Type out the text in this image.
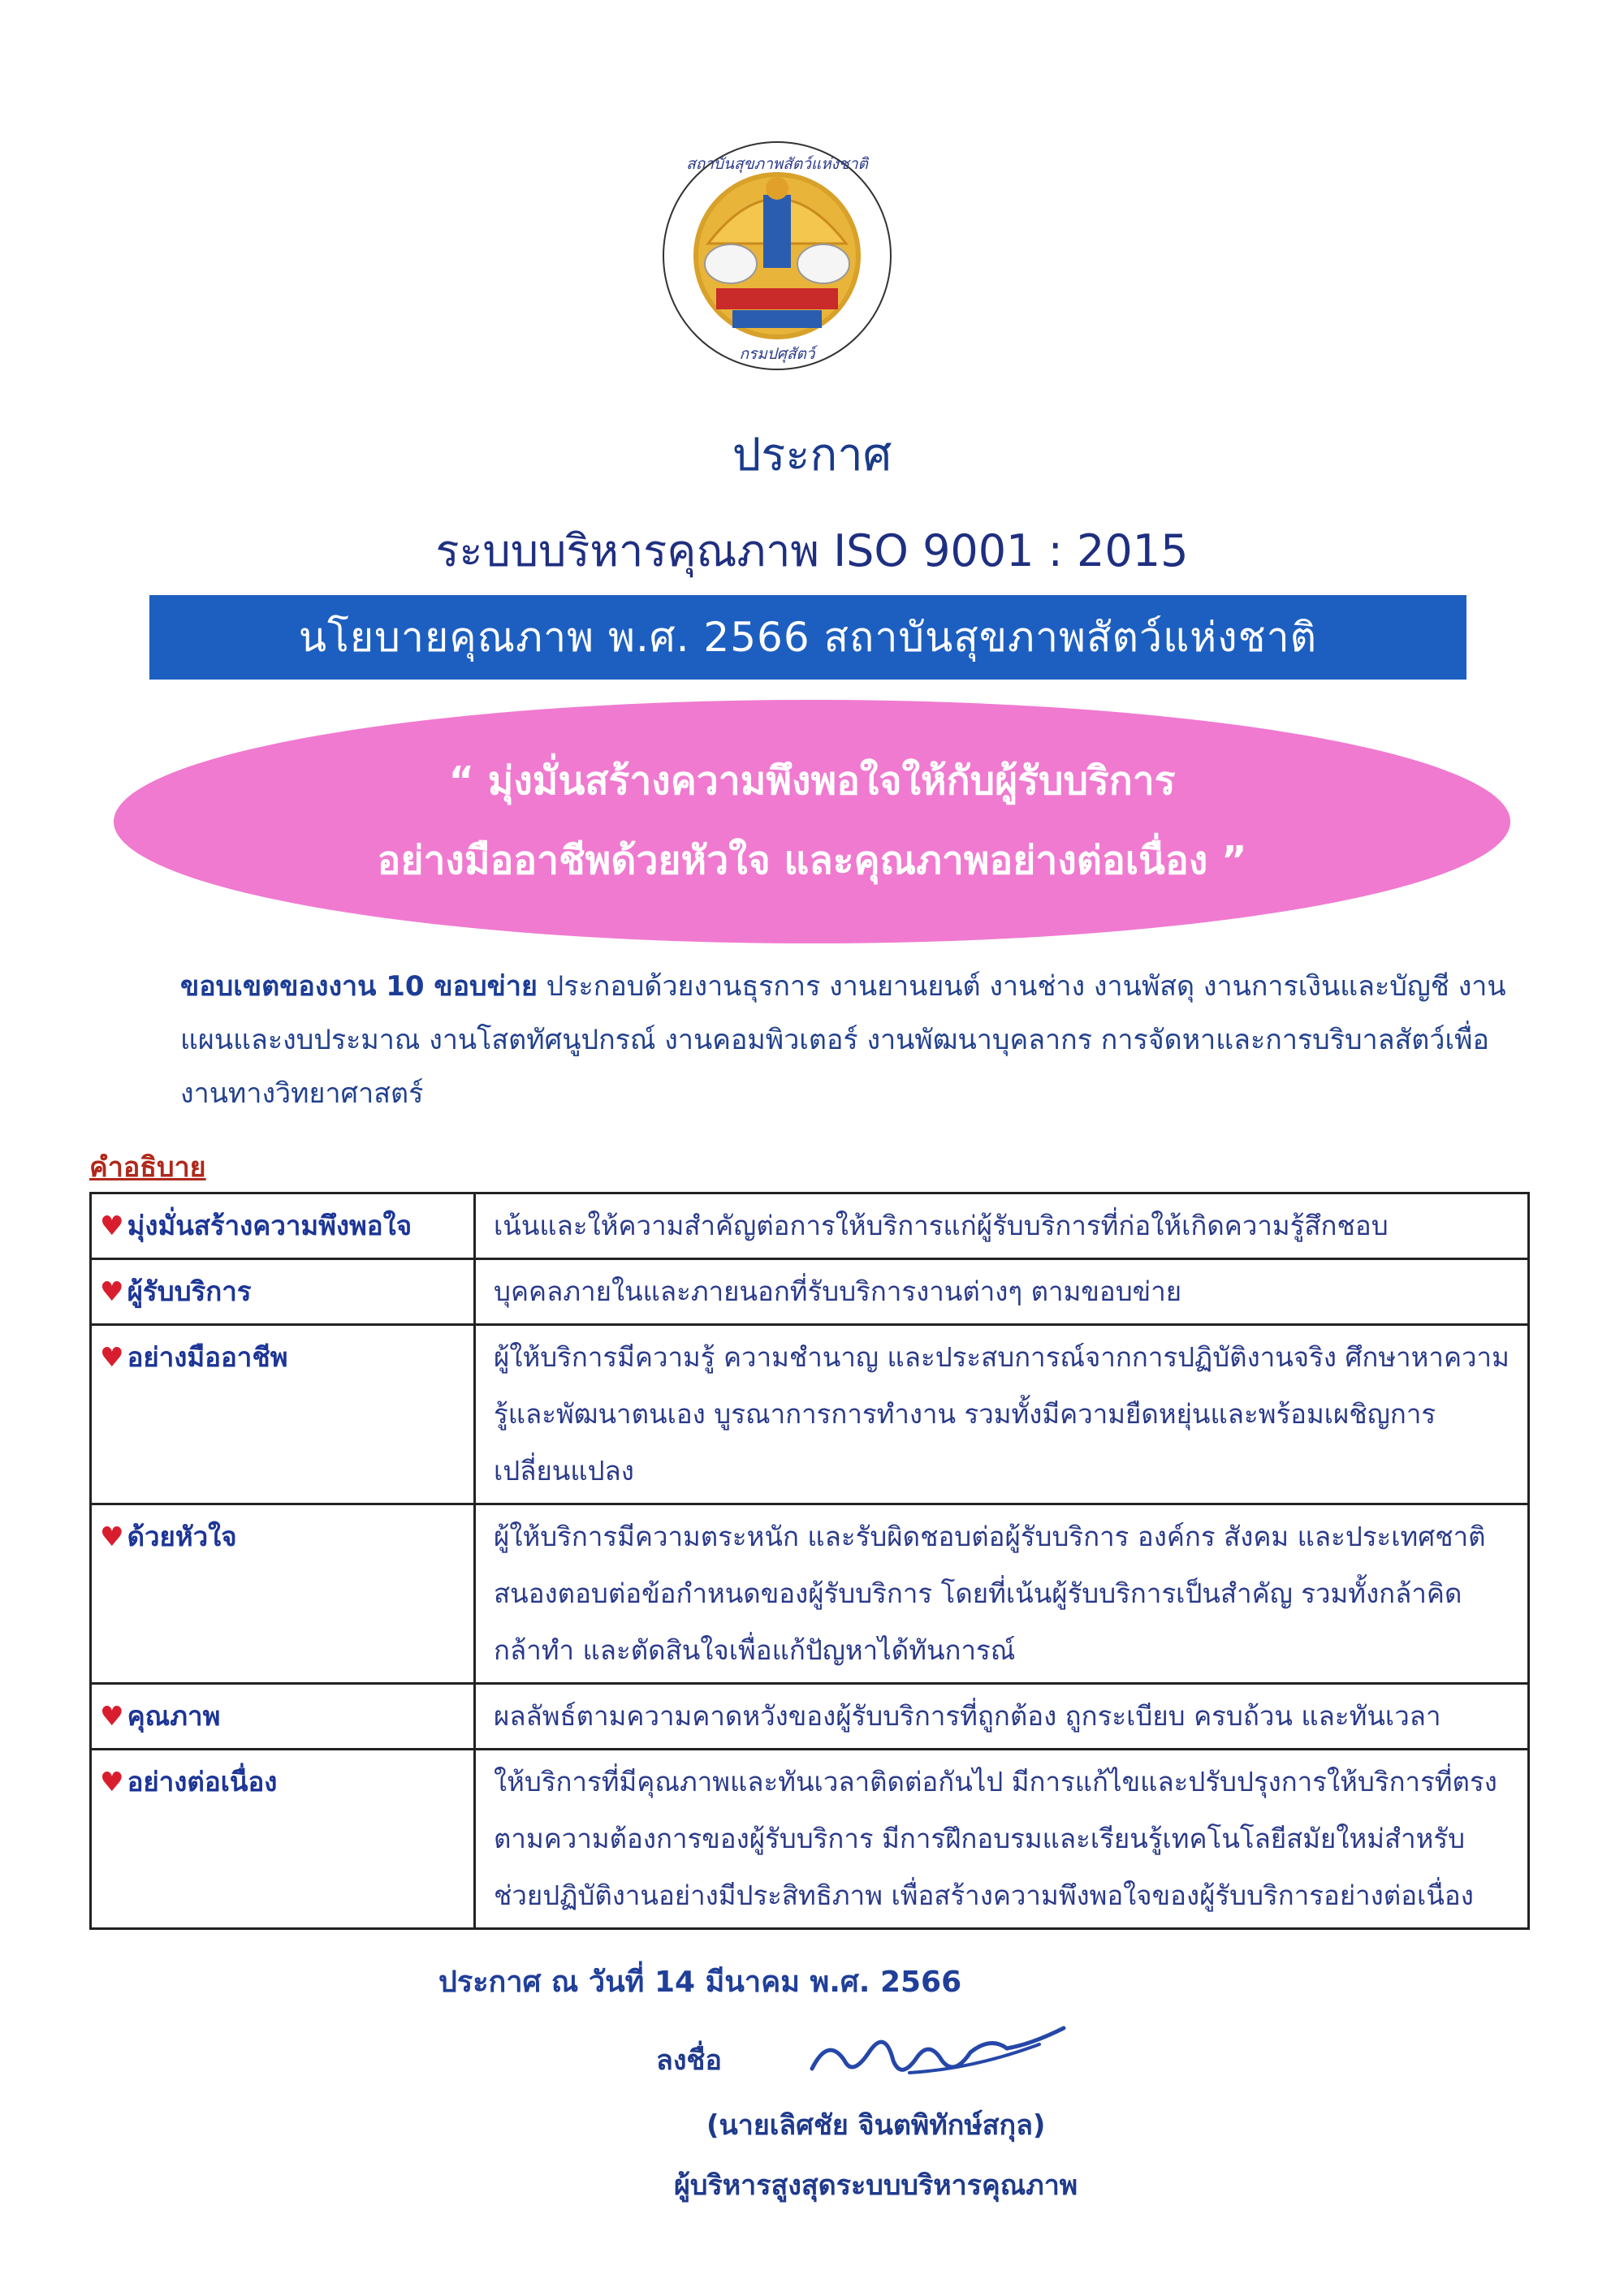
สถาบันสุขภาพสัตว์แห่งชาติ
กรมปศุสัตว์
ประกาศ
ระบบบริหารคุณภาพ ISO 9001 : 2015
นโยบายคุณภาพ พ.ศ. 2566 สถาบันสุขภาพสัตว์แห่งชาติ
“ มุ่งมั่นสร้างความพึงพอใจให้กับผู้รับบริการ
อย่างมืออาชีพด้วยหัวใจ และคุณภาพอย่างต่อเนื่อง ”
ขอบเขตของงาน 10 ขอบข่าย ประกอบด้วยงานธุรการ งานยานยนต์ งานช่าง งานพัสดุ งานการเงินและบัญชี งานแผนและงบประมาณ งานโสตทัศนูปกรณ์ งานคอมพิวเตอร์ งานพัฒนาบุคลากร การจัดหาและการบริบาลสัตว์เพื่องานทางวิทยาศาสตร์
คำอธิบาย
♥ มุ่งมั่นสร้างความพึงพอใจ	เน้นและให้ความสำคัญต่อการให้บริการแก่ผู้รับบริการที่ก่อให้เกิดความรู้สึกชอบ
♥ ผู้รับบริการ	บุคคลภายในและภายนอกที่รับบริการงานต่างๆ ตามขอบข่าย
♥ อย่างมืออาชีพ	ผู้ให้บริการมีความรู้ ความชำนาญ และประสบการณ์จากการปฏิบัติงานจริง ศึกษาหาความรู้และพัฒนาตนเอง บูรณาการการทำงาน รวมทั้งมีความยืดหยุ่นและพร้อมเผชิญการเปลี่ยนแปลง
♥ ด้วยหัวใจ	ผู้ให้บริการมีความตระหนัก และรับผิดชอบต่อผู้รับบริการ องค์กร สังคม และประเทศชาติ สนองตอบต่อข้อกำหนดของผู้รับบริการ โดยที่เน้นผู้รับบริการเป็นสำคัญ รวมทั้งกล้าคิดกล้าทำ และตัดสินใจเพื่อแก้ปัญหาได้ทันการณ์
♥ คุณภาพ	ผลลัพธ์ตามความคาดหวังของผู้รับบริการที่ถูกต้อง ถูกระเบียบ ครบถ้วน และทันเวลา
♥ อย่างต่อเนื่อง	ให้บริการที่มีคุณภาพและทันเวลาติดต่อกันไป มีการแก้ไขและปรับปรุงการให้บริการที่ตรงตามความต้องการของผู้รับบริการ มีการฝึกอบรมและเรียนรู้เทคโนโลยีสมัยใหม่สำหรับช่วยปฏิบัติงานอย่างมีประสิทธิภาพ เพื่อสร้างความพึงพอใจของผู้รับบริการอย่างต่อเนื่อง
ประกาศ ณ วันที่ 14 มีนาคม พ.ศ. 2566
ลงชื่อ
(นายเลิศชัย จินตพิทักษ์สกุล)
ผู้บริหารสูงสุดระบบบริหารคุณภาพ
